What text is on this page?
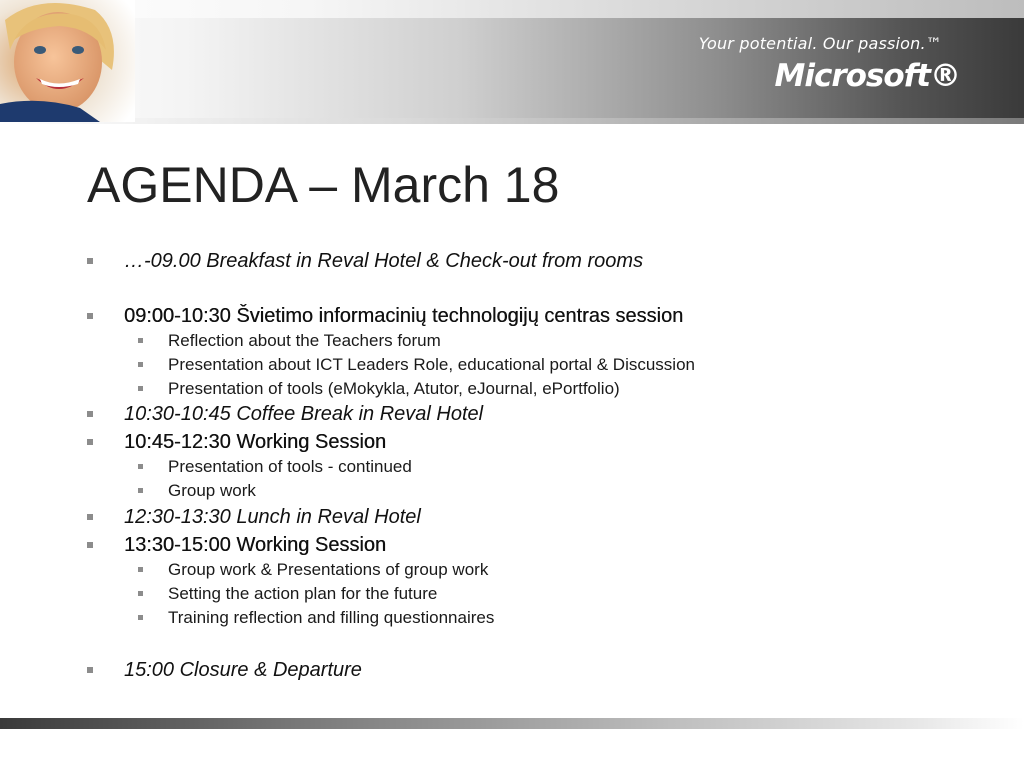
Your potential. Our passion.™
Microsoft®
AGENDA – March 18
…-09.00 Breakfast in Reval Hotel & Check-out from rooms
09:00-10:30 Švietimo informacinių technologijų centras session
Reflection about the Teachers forum
Presentation about ICT Leaders Role, educational portal & Discussion
Presentation of tools (eMokykla, Atutor, eJournal, ePortfolio)
10:30-10:45 Coffee Break in Reval Hotel
10:45-12:30 Working Session
Presentation of tools - continued
Group work
12:30-13:30 Lunch in Reval Hotel
13:30-15:00 Working Session
Group work & Presentations of group work
Setting the action plan for the future
Training reflection and filling questionnaires
15:00 Closure & Departure
